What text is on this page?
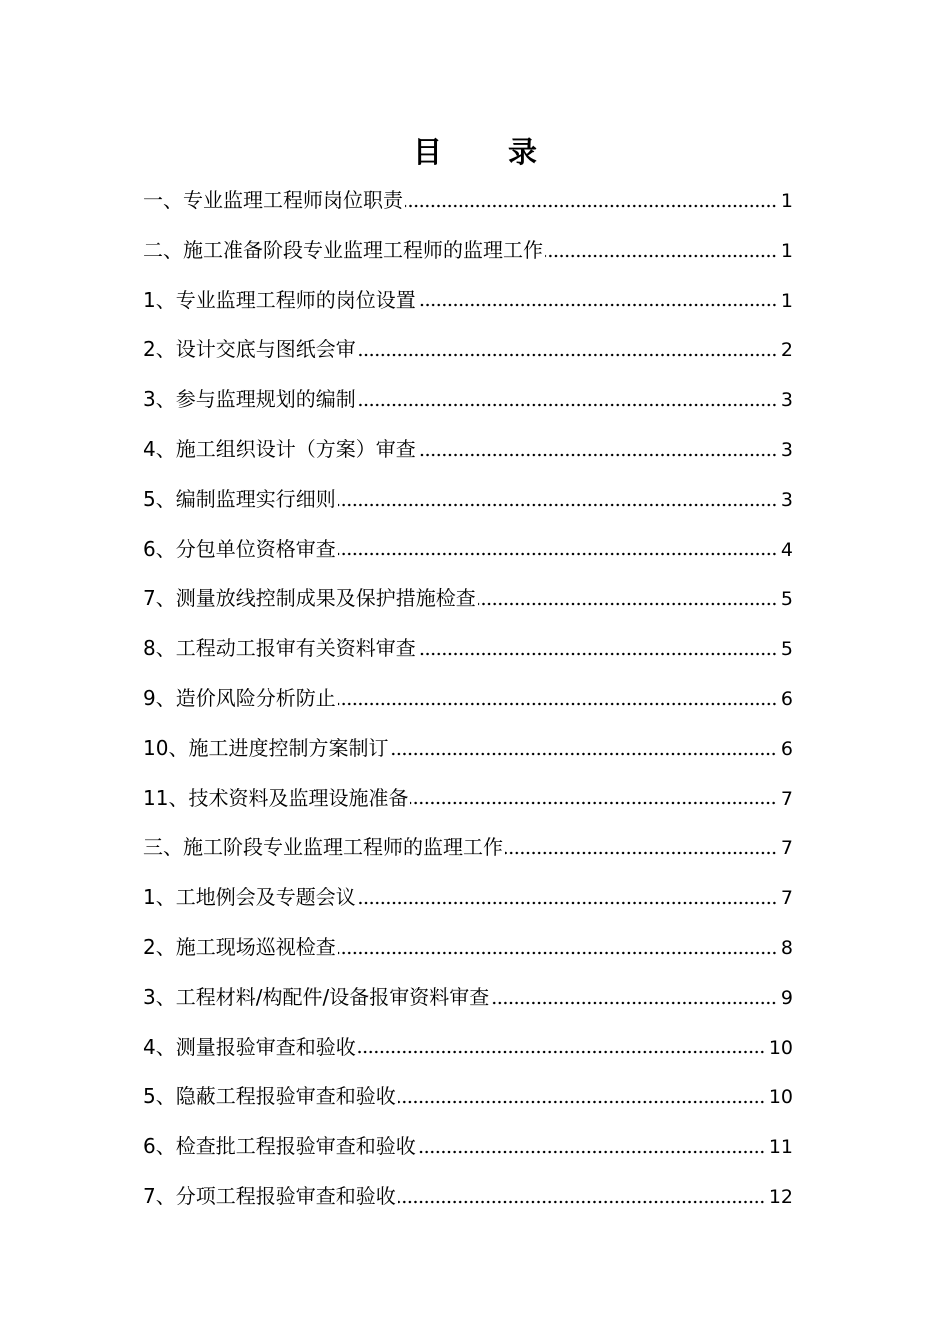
目 录
一、专业监理工程师岗位职责	1
二、施工准备阶段专业监理工程师的监理工作	1
1、专业监理工程师的岗位设置	1
2、设计交底与图纸会审	2
3、参与监理规划的编制	3
4、施工组织设计（方案）审查	3
5、编制监理实行细则	3
6、分包单位资格审查	4
7、测量放线控制成果及保护措施检查	5
8、工程动工报审有关资料审查	5
9、造价风险分析防止	6
10、施工进度控制方案制订	6
11、技术资料及监理设施准备	7
三、施工阶段专业监理工程师的监理工作	7
1、工地例会及专题会议	7
2、施工现场巡视检查	8
3、工程材料/构配件/设备报审资料审查	9
4、测量报验审查和验收	10
5、隐蔽工程报验审查和验收	10
6、检查批工程报验审查和验收	11
7、分项工程报验审查和验收	12
